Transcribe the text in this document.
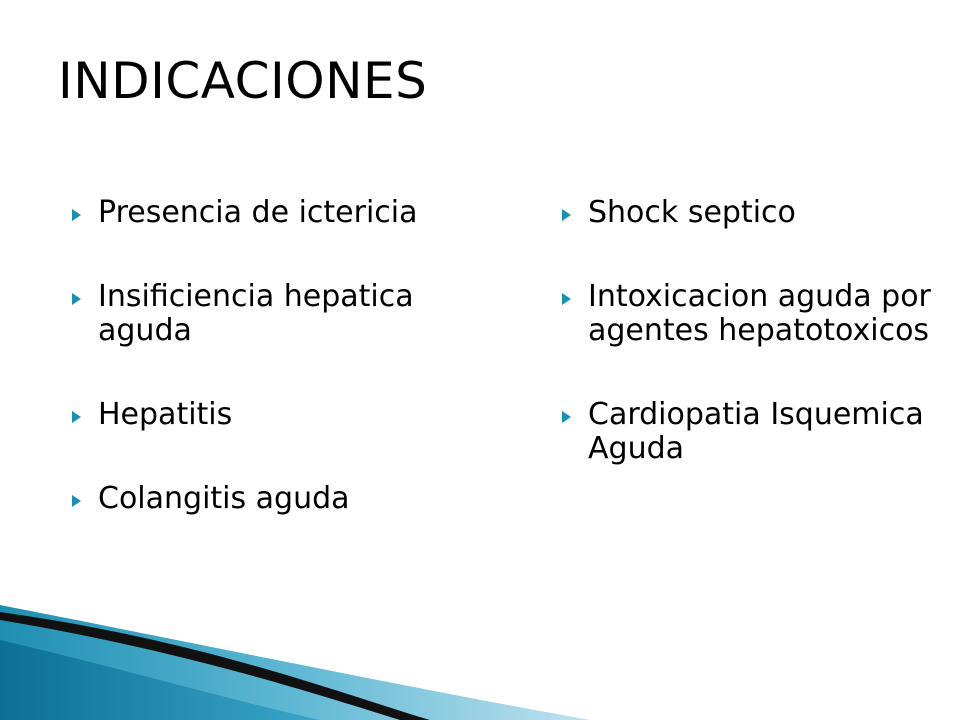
INDICACIONES
Presencia de ictericia
Insificiencia hepatica aguda
Hepatitis
Colangitis aguda
Shock septico
Intoxicacion aguda por agentes hepatotoxicos
Cardiopatia Isquemica Aguda
